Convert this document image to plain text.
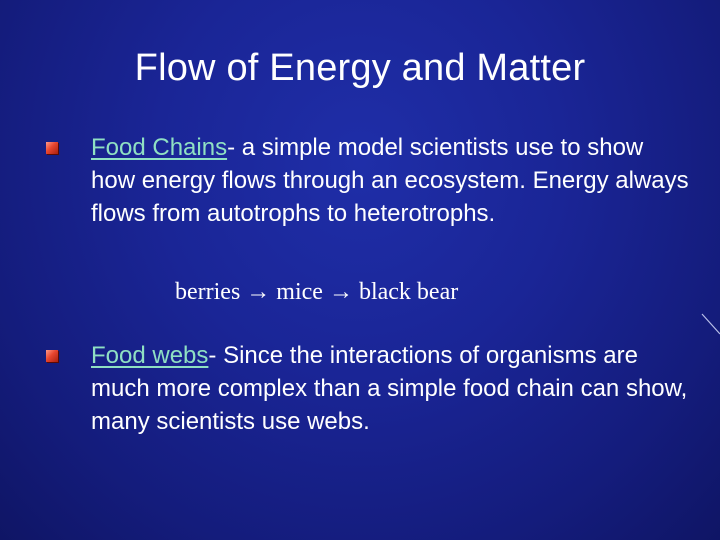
Flow of Energy and Matter
Food Chains- a simple model scientists use to show how energy flows through an ecosystem. Energy always flows from autotrophs to heterotrophs.
berries → mice → black bear
Food webs- Since the interactions of organisms are much more complex than a simple food chain can show, many scientists use webs.
